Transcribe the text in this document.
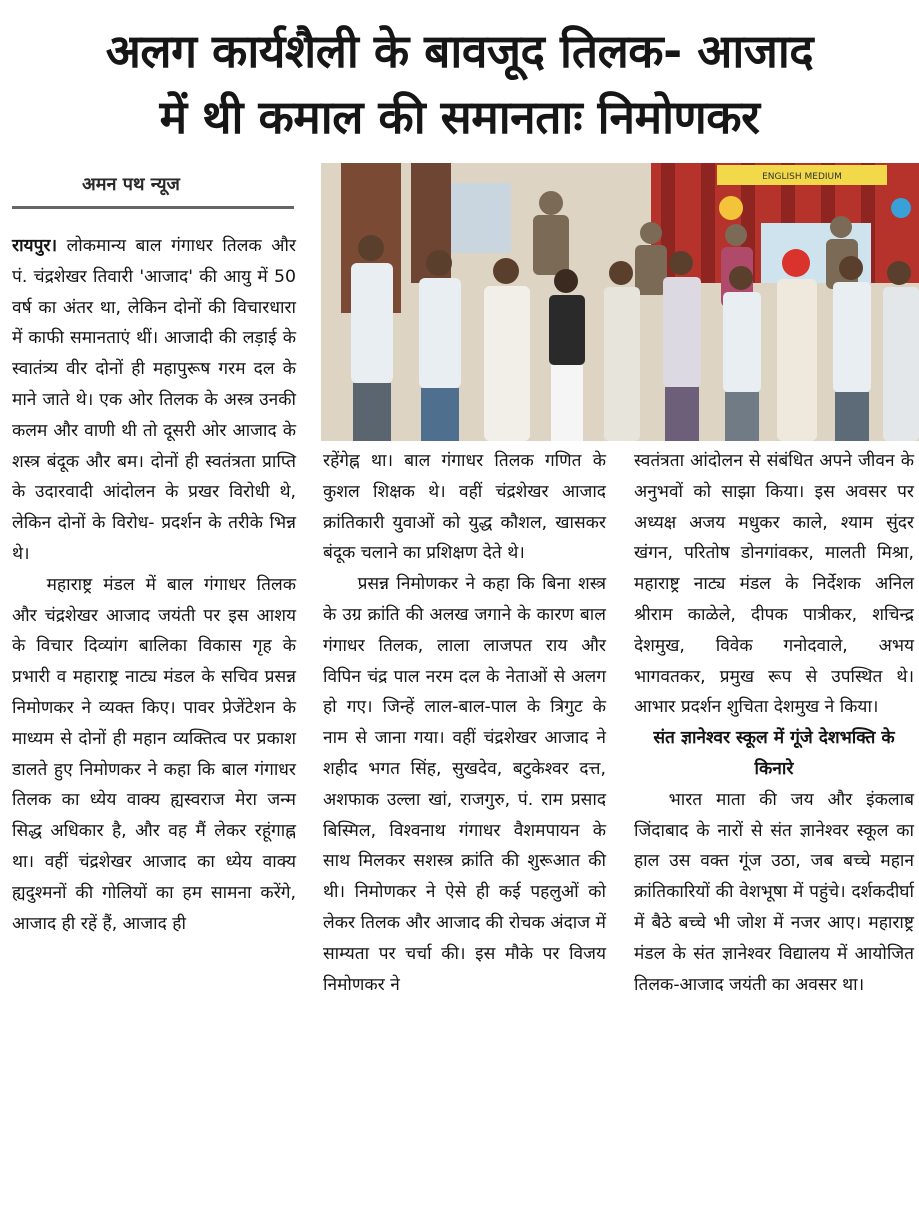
अलग कार्यशैली के बावजूद तिलक- आजाद
में थी कमाल की समानताः निमोणकर
अमन पथ न्यूज	ENGLISH MEDIUM

रायपुर। लोकमान्य बाल गंगाधर तिलक और पं. चंद्रशेखर तिवारी 'आजाद' की आयु में 50 वर्ष का अंतर था, लेकिन दोनों की विचारधारा में काफी समानताएं थीं। आजादी की लड़ाई के स्वातंत्र्य वीर दोनों ही महापुरूष गरम दल के माने जाते थे। एक ओर तिलक के अस्त्र उनकी कलम और वाणी थी तो दूसरी ओर आजाद के शस्त्र बंदूक और बम। दोनों ही स्वतंत्रता प्राप्ति के उदारवादी आंदोलन के प्रखर विरोधी थे, लेकिन दोनों के विरोध- प्रदर्शन के तरीके भिन्न थे।

महाराष्ट्र मंडल में बाल गंगाधर तिलक और चंद्रशेखर आजाद जयंती पर इस आशय के विचार दिव्यांग बालिका विकास गृह के प्रभारी व महाराष्ट्र नाट्य मंडल के सचिव प्रसन्न निमोणकर ने व्यक्त किए। पावर प्रेजेंटेशन के माध्यम से दोनों ही महान व्यक्तित्व पर प्रकाश डालते हुए निमोणकर ने कहा कि बाल गंगाधर तिलक का ध्येय वाक्य ह्यस्वराज मेरा जन्म सिद्ध अधिकार है, और वह मैं लेकर रहूंगाह्न था। वहीं चंद्रशेखर आजाद का ध्येय वाक्य ह्यदुश्मनों की गोलियों का हम सामना करेंगे, आजाद ही रहें हैं, आजाद ही

रहेंगेह्न था। बाल गंगाधर तिलक गणित के कुशल शिक्षक थे। वहीं चंद्रशेखर आजाद क्रांतिकारी युवाओं को युद्ध कौशल, खासकर बंदूक चलाने का प्रशिक्षण देते थे।

प्रसन्न निमोणकर ने कहा कि बिना शस्त्र के उग्र क्रांति की अलख जगाने के कारण बाल गंगाधर तिलक, लाला लाजपत राय और विपिन चंद्र पाल नरम दल के नेताओं से अलग हो गए। जिन्हें लाल-बाल-पाल के त्रिगुट के नाम से जाना गया। वहीं चंद्रशेखर आजाद ने शहीद भगत सिंह, सुखदेव, बटुकेश्वर दत्त, अशफाक उल्ला खां, राजगुरु, पं. राम प्रसाद बिस्मिल, विश्वनाथ गंगाधर वैशमपायन के साथ मिलकर सशस्त्र क्रांति की शुरूआत की थी। निमोणकर ने ऐसे ही कई पहलुओं को लेकर तिलक और आजाद की रोचक अंदाज में साम्यता पर चर्चा की। इस मौके पर विजय निमोणकर ने

स्वतंत्रता आंदोलन से संबंधित अपने जीवन के अनुभवों को साझा किया। इस अवसर पर अध्यक्ष अजय मधुकर काले, श्याम सुंदर खंगन, परितोष डोनगांवकर, मालती मिश्रा, महाराष्ट्र नाट्य मंडल के निर्देशक अनिल श्रीराम काळेले, दीपक पात्रीकर, शचिन्द्र देशमुख, विवेक गनोदवाले, अभय भागवतकर, प्रमुख रूप से उपस्थित थे। आभार प्रदर्शन शुचिता देशमुख ने किया।

संत ज्ञानेश्वर स्कूल में गूंजे देशभक्ति के किनारे

भारत माता की जय और इंकलाब जिंदाबाद के नारों से संत ज्ञानेश्वर स्कूल का हाल उस वक्त गूंज उठा, जब बच्चे महान क्रांतिकारियों की वेशभूषा में पहुंचे। दर्शकदीर्घा में बैठे बच्चे भी जोश में नजर आए। महाराष्ट्र मंडल के संत ज्ञानेश्वर विद्यालय में आयोजित तिलक-आजाद जयंती का अवसर था।
